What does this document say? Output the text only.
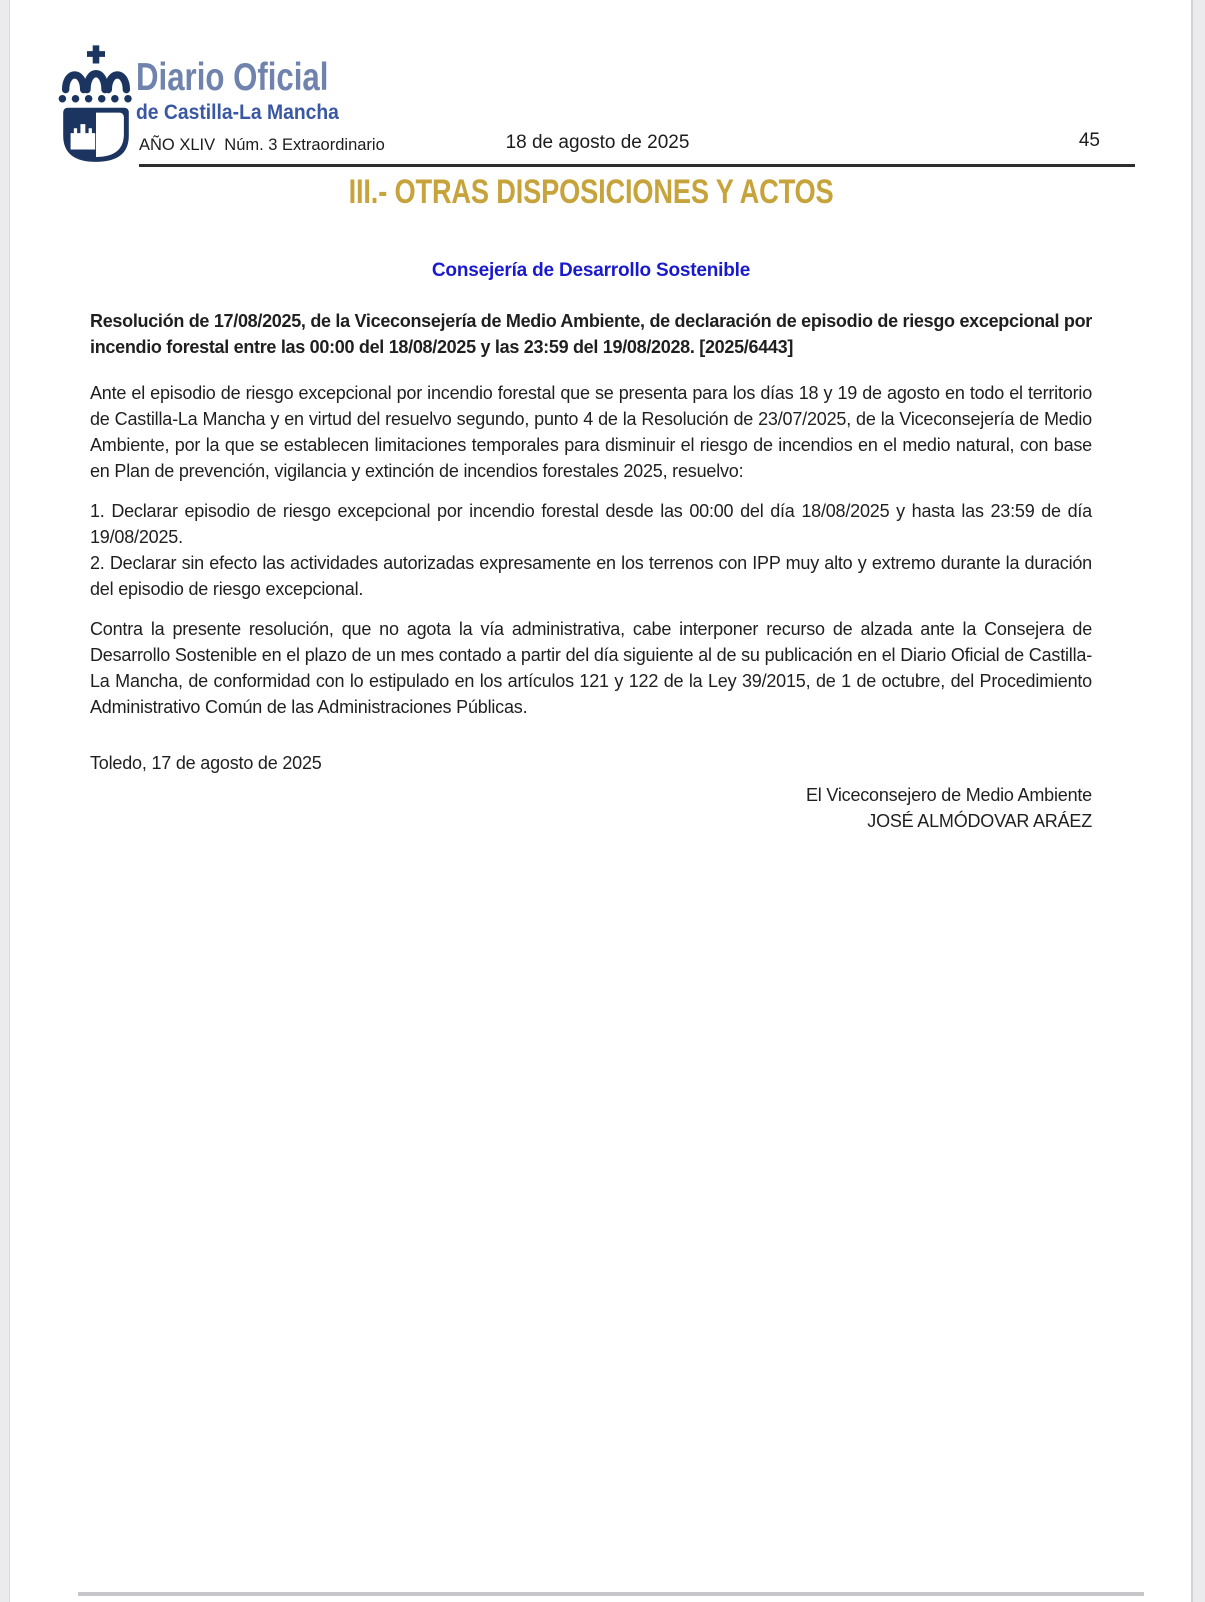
Diario Oficial
de Castilla-La Mancha
AÑO XLIV  Núm. 3 Extraordinario	18 de agosto de 2025	45
III.- OTRAS DISPOSICIONES Y ACTOS
Consejería de Desarrollo Sostenible

Resolución de 17/08/2025, de la Viceconsejería de Medio Ambiente, de declaración de episodio de riesgo excepcional por incendio forestal entre las 00:00 del 18/08/2025 y las 23:59 del 19/08/2028. [2025/6443]

Ante el episodio de riesgo excepcional por incendio forestal que se presenta para los días 18 y 19 de agosto en todo el territorio de Castilla-La Mancha y en virtud del resuelvo segundo, punto 4 de la Resolución de 23/07/2025, de la Viceconsejería de Medio Ambiente, por la que se establecen limitaciones temporales para disminuir el riesgo de incendios en el medio natural, con base en Plan de prevención, vigilancia y extinción de incendios forestales 2025, resuelvo:

1. Declarar episodio de riesgo excepcional por incendio forestal desde las 00:00 del día 18/08/2025 y hasta las 23:59 de día 19/08/2025.

2. Declarar sin efecto las actividades autorizadas expresamente en los terrenos con IPP muy alto y extremo durante la duración del episodio de riesgo excepcional.

Contra la presente resolución, que no agota la vía administrativa, cabe interponer recurso de alzada ante la Consejera de Desarrollo Sostenible en el plazo de un mes contado a partir del día siguiente al de su publicación en el Diario Oficial de Castilla-La Mancha, de conformidad con lo estipulado en los artículos 121 y 122 de la Ley 39/2015, de 1 de octubre, del Procedimiento Administrativo Común de las Administraciones Públicas.

Toledo, 17 de agosto de 2025

El Viceconsejero de Medio Ambiente
JOSÉ ALMÓDOVAR ARÁEZ
